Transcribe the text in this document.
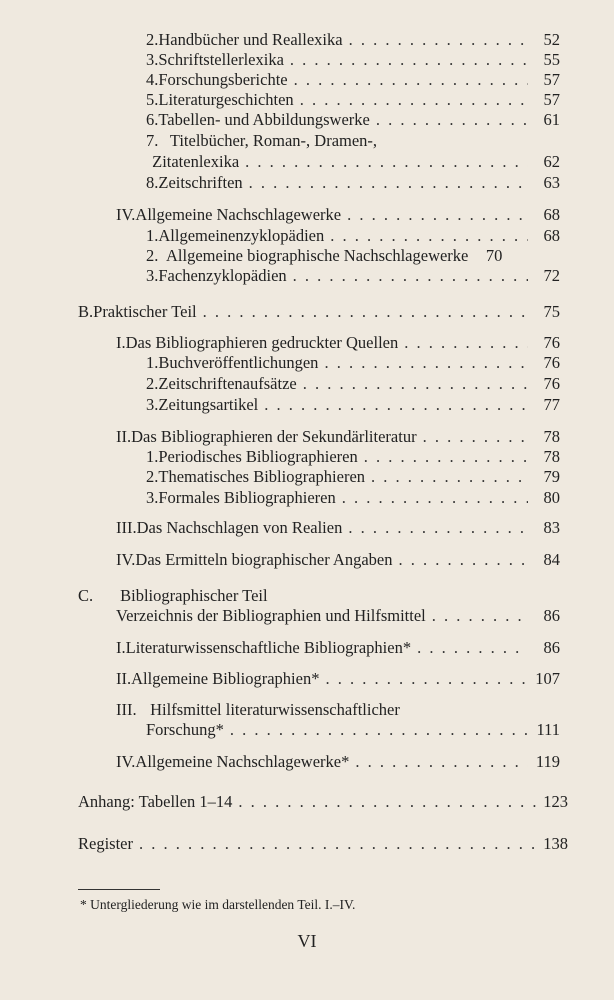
2. Handbücher und Reallexika . . .	52
3. Schriftstellerlexika . . .	55
4. Forschungsberichte . . .	57
5. Literaturgeschichten . . .	57
6. Tabellen- und Abbildungswerke . . .	61
7. Titelbücher, Roman-, Dramen-,
Zitatenlexika . . .	62
8. Zeitschriften . . .	63
IV. Allgemeine Nachschlagewerke . . .	68
1. Allgemeinenzyklopädien . . .	68
2. Allgemeine biographische Nachschlagewerke	70
3. Fachenzyklopädien . . .	72
B. Praktischer Teil . . .	75
I. Das Bibliographieren gedruckter Quellen . . .	76
1. Buchveröffentlichungen . . .	76
2. Zeitschriftenaufsätze . . .	76
3. Zeitungsartikel . . .	77
II. Das Bibliographieren der Sekundärliteratur . . .	78
1. Periodisches Bibliographieren . . .	78
2. Thematisches Bibliographieren . . .	79
3. Formales Bibliographieren . . .	80
III. Das Nachschlagen von Realien . . .	83
IV. Das Ermitteln biographischer Angaben . . .	84
C. Bibliographischer Teil
Verzeichnis der Bibliographien und Hilfsmittel . . .	86
I. Literaturwissenschaftliche Bibliographien* . . .	86
II. Allgemeine Bibliographien* . . .	107
III. Hilfsmittel literaturwissenschaftlicher
Forschung* . . .	111
IV. Allgemeine Nachschlagewerke* . . .	119
Anhang: Tabellen 1–14 . . .	123
Register . . .	138
* Untergliederung wie im darstellenden Teil. I.–IV.
VI
